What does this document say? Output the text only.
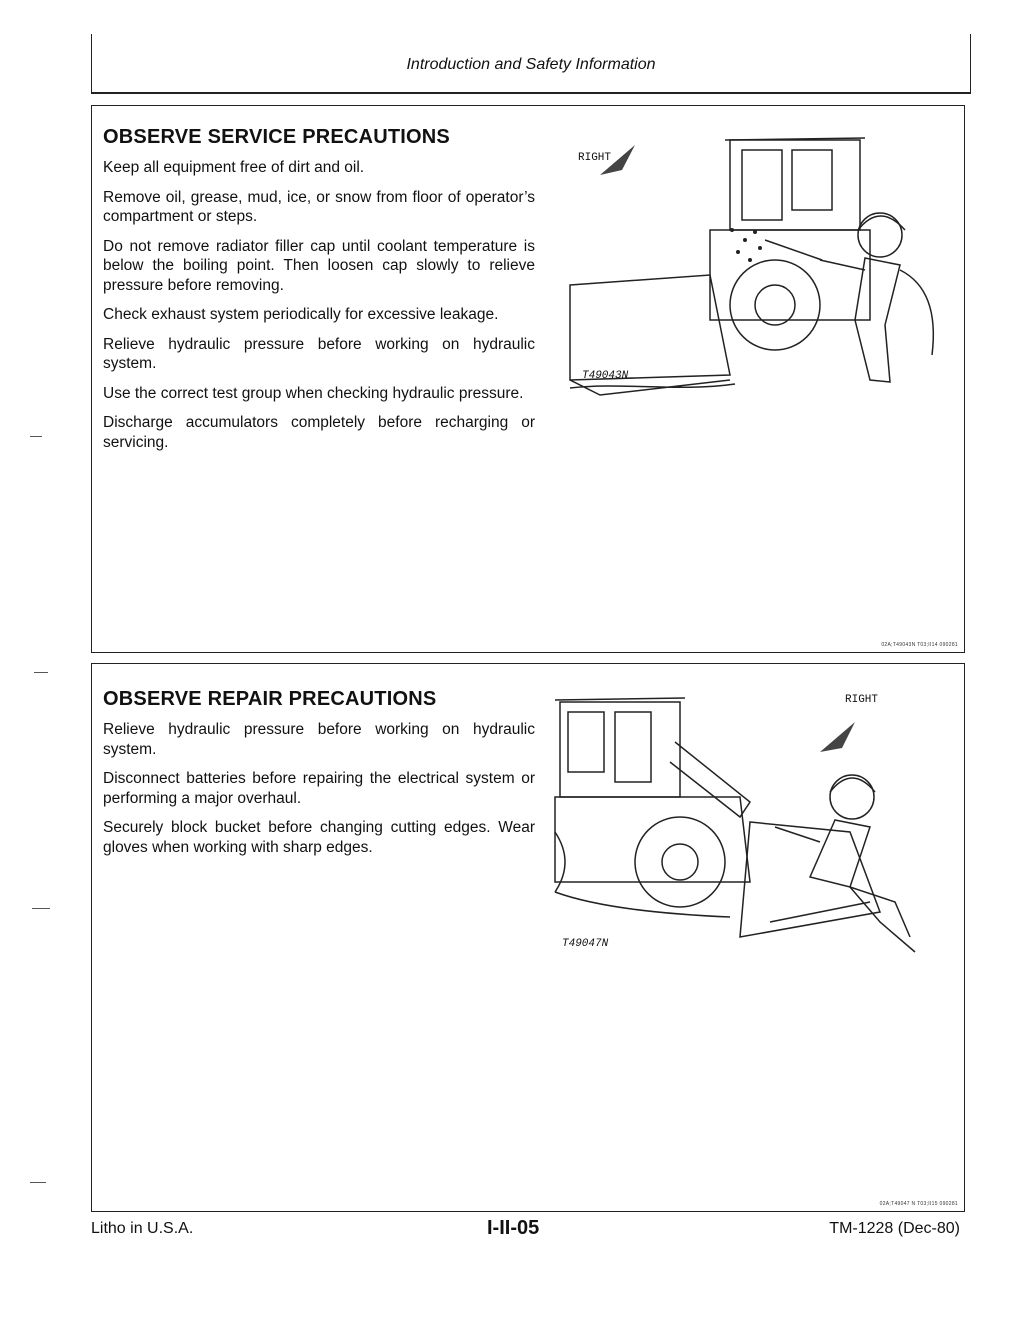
Introduction and Safety Information
OBSERVE SERVICE PRECAUTIONS

Keep all equipment free of dirt and oil.

Remove oil, grease, mud, ice, or snow from floor of operator’s compartment or steps.

Do not remove radiator filler cap until coolant temperature is below the boiling point. Then loosen cap slowly to relieve pressure before removing.

Check exhaust system periodically for excessive leakage.

Relieve hydraulic pressure before working on hydraulic system.

Use the correct test group when checking hydraulic pressure.

Discharge accumulators completely before recharging or servicing.

RIGHT
T49043N
02A;T49043N T03;II14 090281
OBSERVE REPAIR PRECAUTIONS

Relieve hydraulic pressure before working on hydraulic system.

Disconnect batteries before repairing the electrical system or performing a major overhaul.

Securely block bucket before changing cutting edges. Wear gloves when working with sharp edges.

RIGHT
T49047N
02A;T49047 N T03;II15 090281
Litho in U.S.A.	I-II-05	TM-1228 (Dec-80)
